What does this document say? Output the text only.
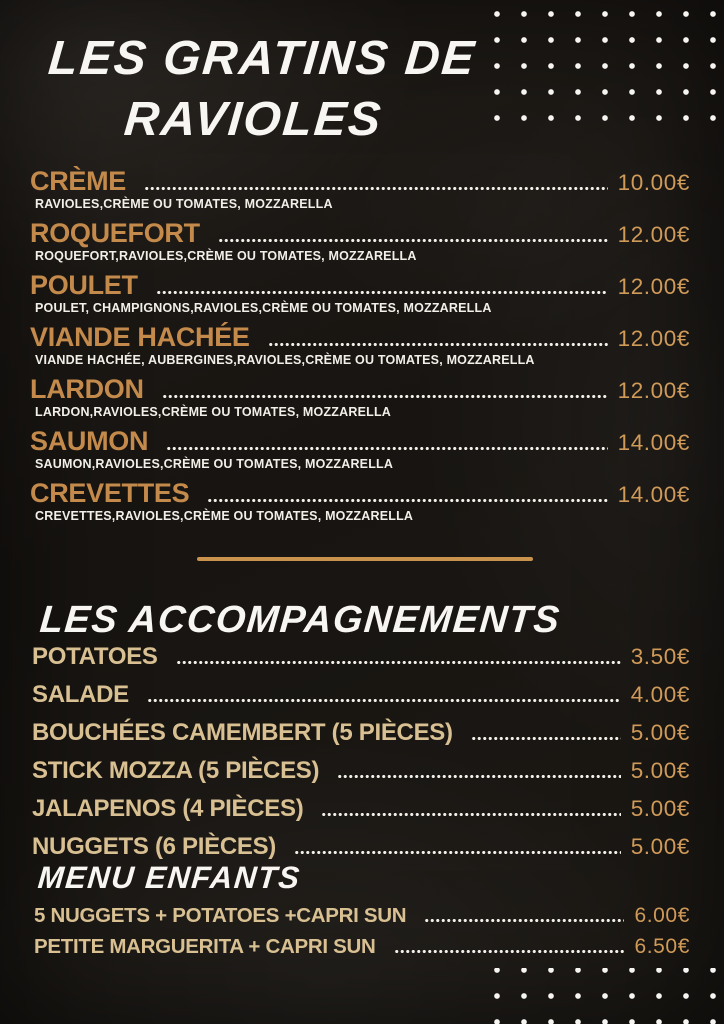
LES GRATINS DE
RAVIOLES
CRÈME	10.00€
RAVIOLES,CRÈME OU TOMATES, MOZZARELLA
ROQUEFORT	12.00€
ROQUEFORT,RAVIOLES,CRÈME OU TOMATES, MOZZARELLA
POULET	12.00€
POULET, CHAMPIGNONS,RAVIOLES,CRÈME OU TOMATES, MOZZARELLA
VIANDE HACHÉE	12.00€
VIANDE HACHÉE, AUBERGINES,RAVIOLES,CRÈME OU TOMATES, MOZZARELLA
LARDON	12.00€
LARDON,RAVIOLES,CRÈME OU TOMATES, MOZZARELLA
SAUMON	14.00€
SAUMON,RAVIOLES,CRÈME OU TOMATES, MOZZARELLA
CREVETTES	14.00€
CREVETTES,RAVIOLES,CRÈME OU TOMATES, MOZZARELLA
LES ACCOMPAGNEMENTS
POTATOES	3.50€
SALADE	4.00€
BOUCHÉES CAMEMBERT (5 PIÈCES)	5.00€
STICK MOZZA (5 PIÈCES)	5.00€
JALAPENOS (4 PIÈCES)	5.00€
NUGGETS (6 PIÈCES)	5.00€
MENU ENFANTS
5 NUGGETS + POTATOES +CAPRI SUN	6.00€
PETITE MARGUERITA + CAPRI SUN	6.50€
